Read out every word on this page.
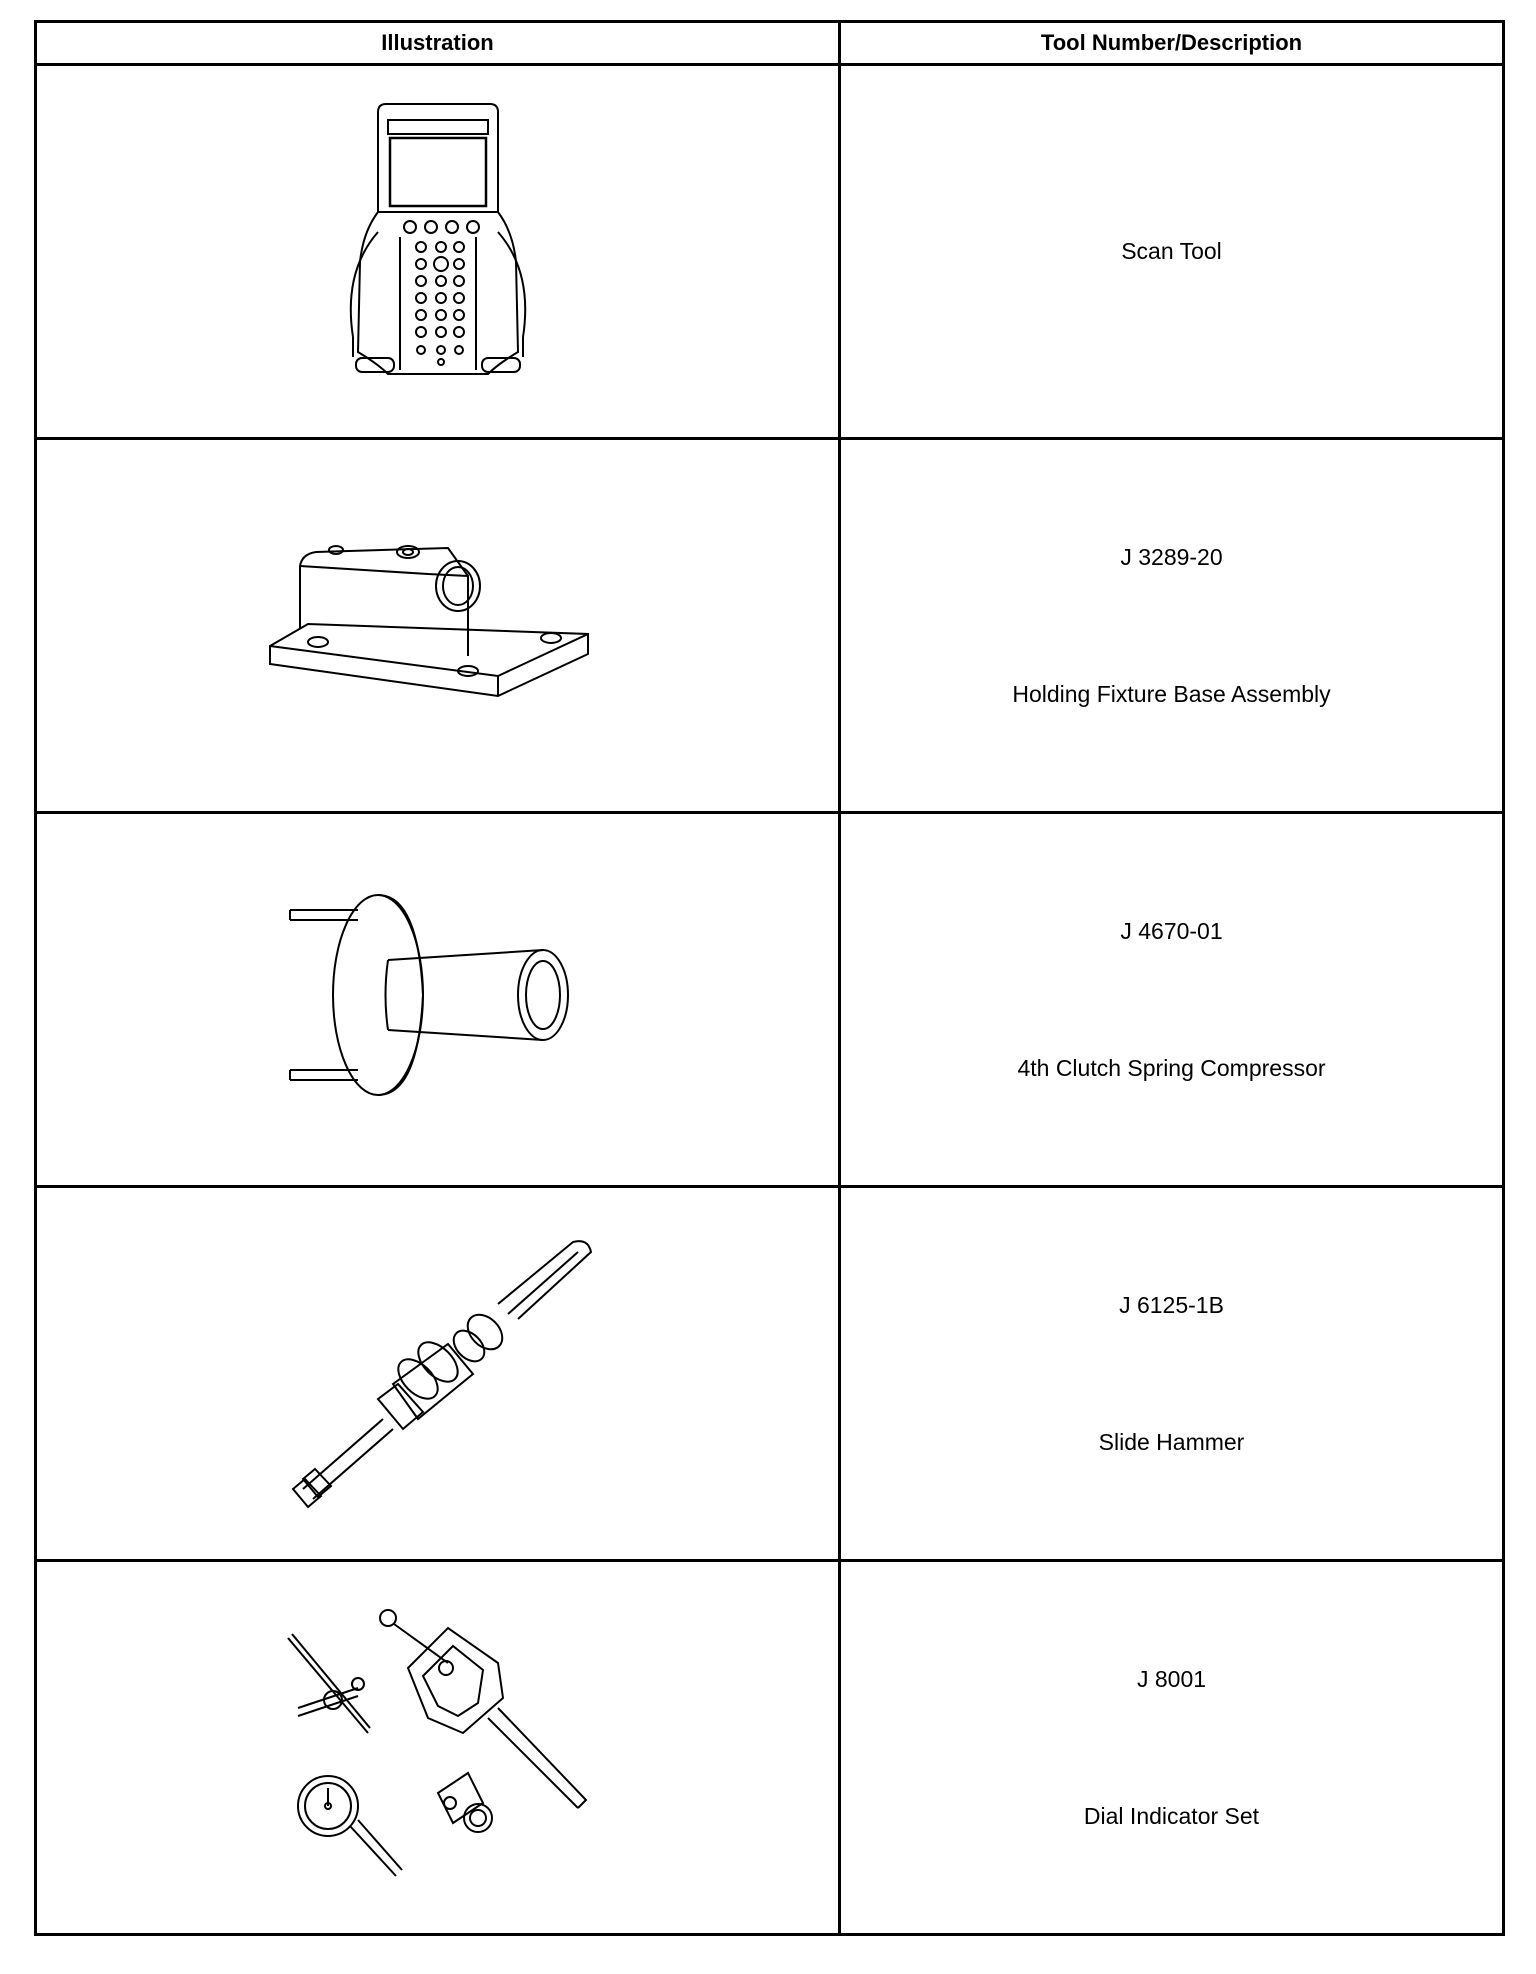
Illustration	Tool Number/Description

Scan Tool

J 3289-20
Holding Fixture Base Assembly

J 4670-01
4th Clutch Spring Compressor

J 6125-1B
Slide Hammer

J 8001
Dial Indicator Set
